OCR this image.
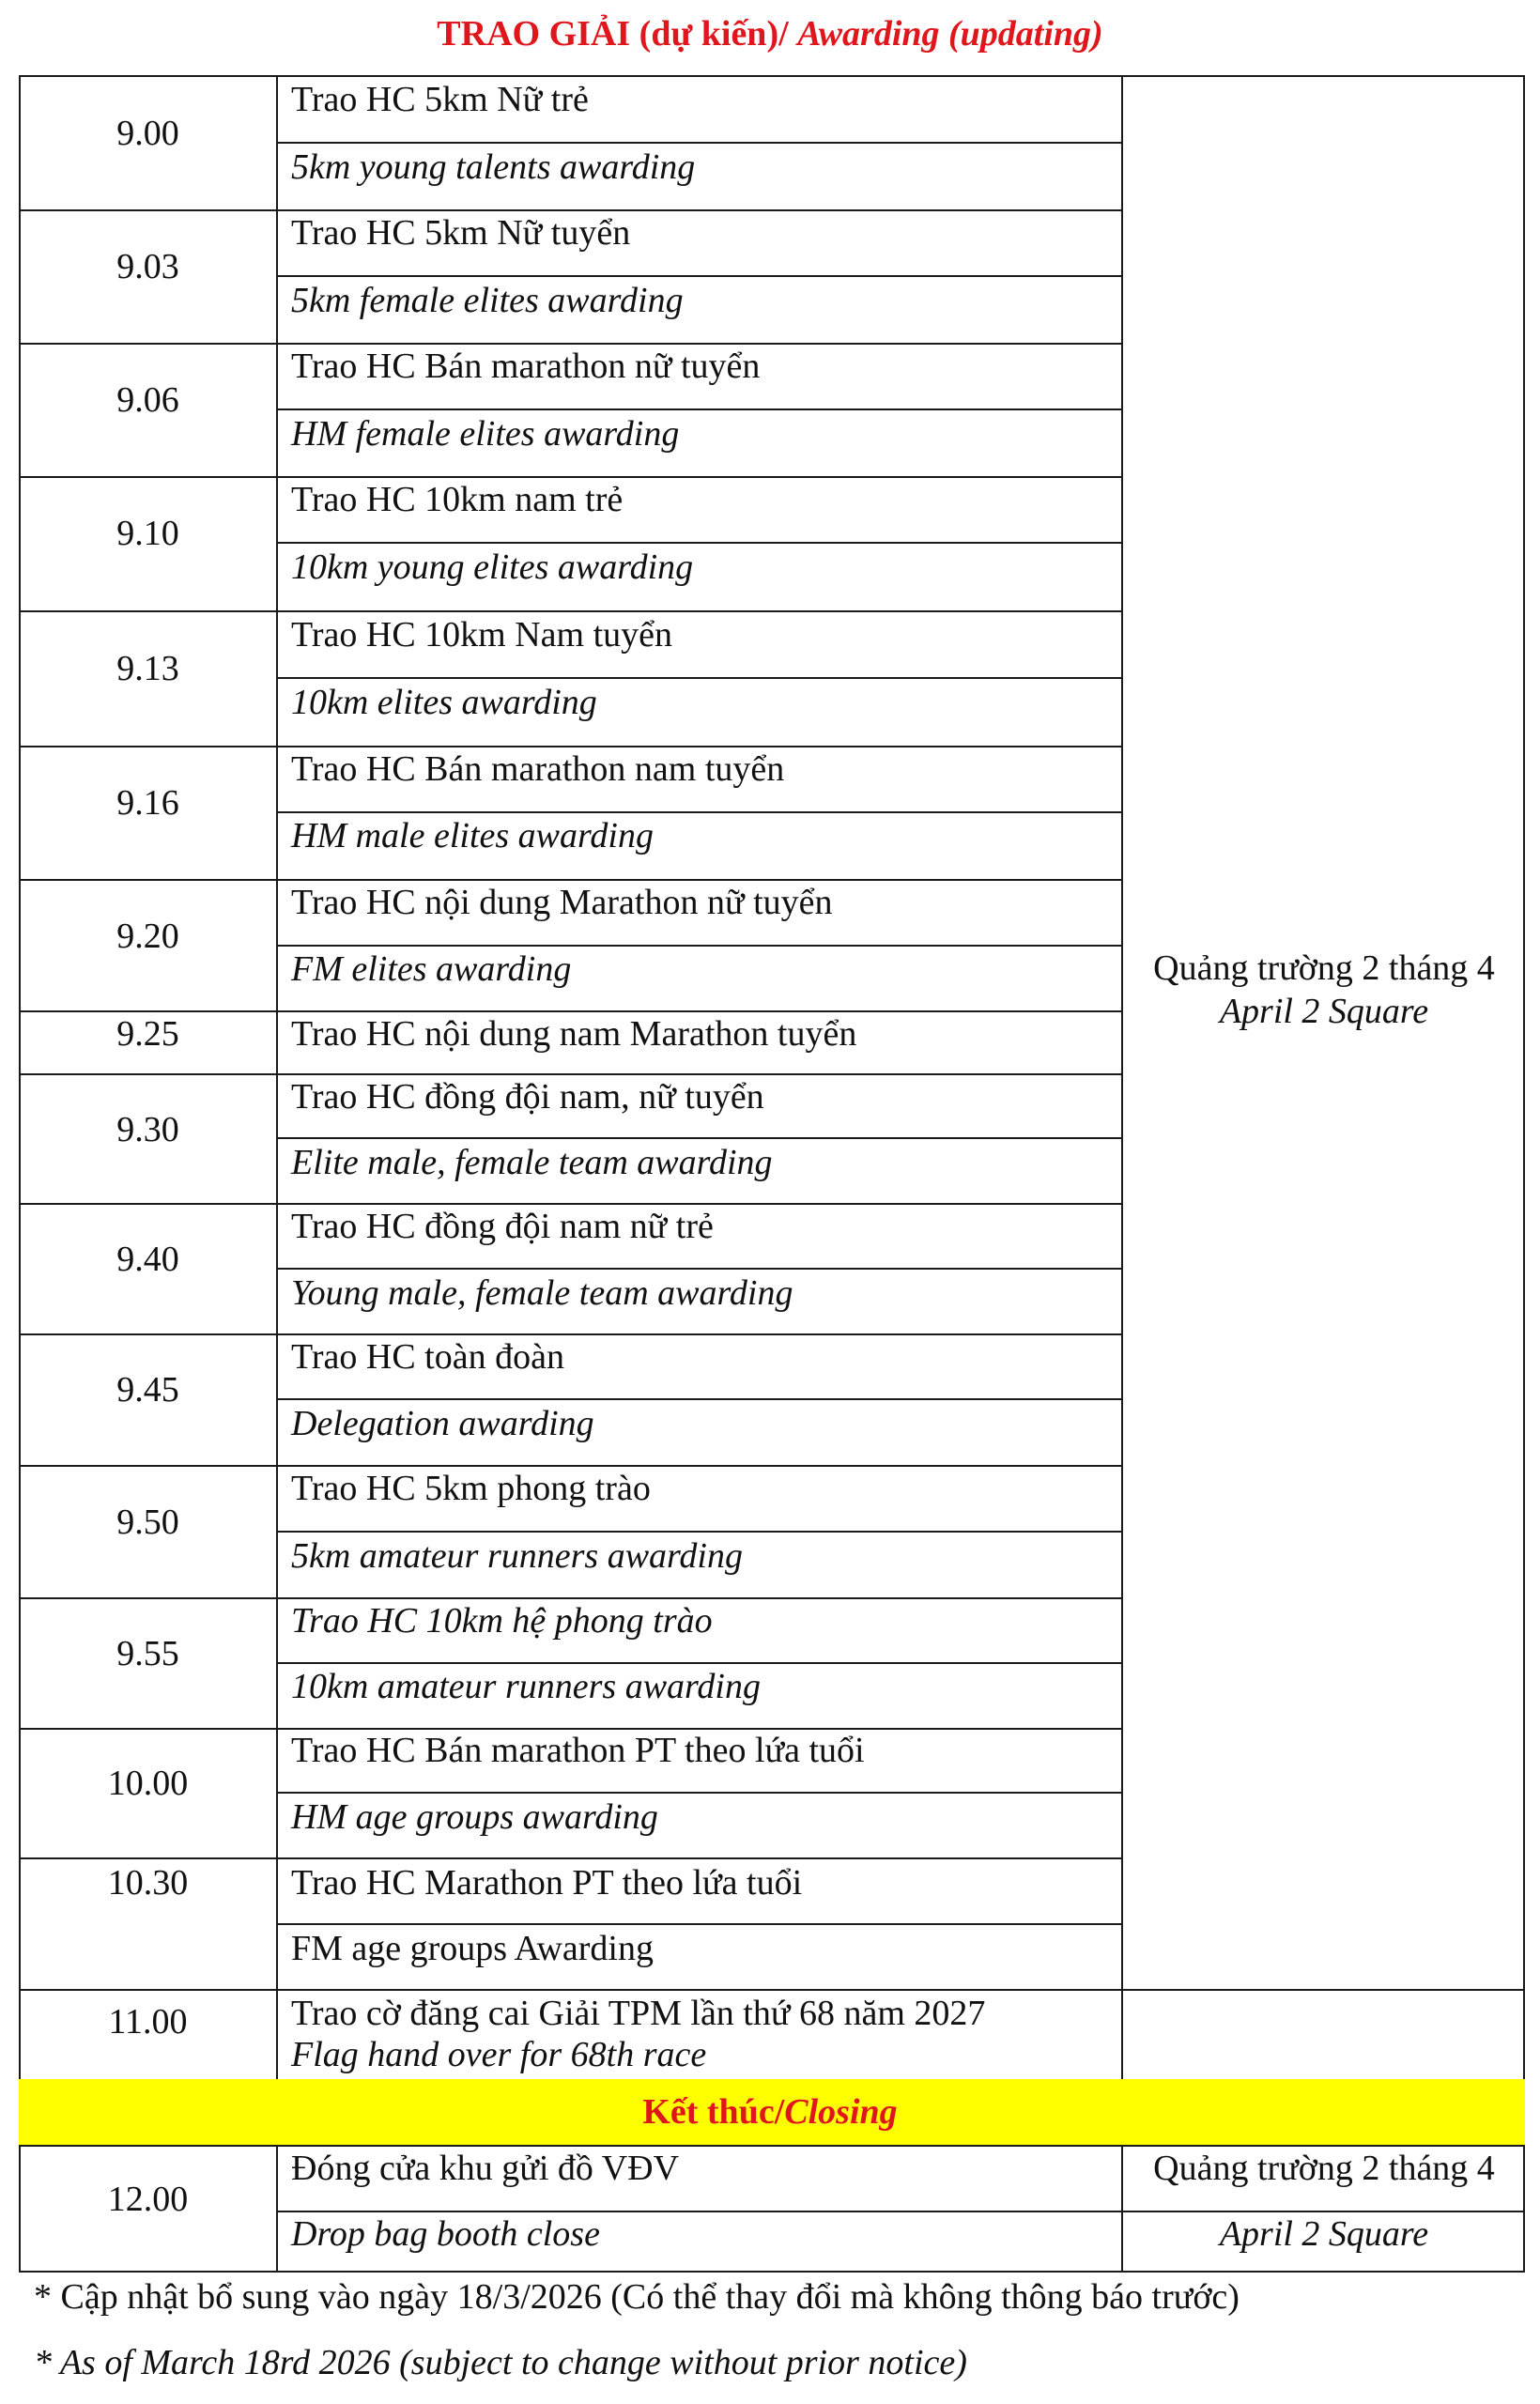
TRAO GIẢI (dự kiến)/ Awarding (updating)
9.00
9.03
9.06
9.10
9.13
9.16
9.20
9.25
9.30
9.40
9.45
9.50
9.55
10.00
10.30
11.00
Trao HC 5km Nữ trẻ
5km young talents awarding
Trao HC 5km Nữ tuyển
5km female elites awarding
Trao HC Bán marathon nữ tuyển
HM female elites awarding
Trao HC 10km nam trẻ
10km young elites awarding
Trao HC 10km Nam tuyển
10km elites awarding
Trao HC Bán marathon nam tuyển
HM male elites awarding
Trao HC nội dung Marathon nữ tuyển
FM elites awarding
Trao HC nội dung nam Marathon tuyển
Trao HC đồng đội nam, nữ tuyển
Elite male, female team awarding
Trao HC đồng đội nam nữ trẻ
Young male, female team awarding
Trao HC toàn đoàn
Delegation awarding
Trao HC 5km phong trào
5km amateur runners awarding
Trao HC 10km hệ phong trào
10km amateur runners awarding
Trao HC Bán marathon PT theo lứa tuổi
HM age groups awarding
Trao HC Marathon PT theo lứa tuổi
FM age groups Awarding
Trao cờ đăng cai Giải TPM lần thứ 68 năm 2027
Flag hand over for 68th race
Quảng trường 2 tháng 4
April 2 Square
Kết thúc/Closing
12.00
Đóng cửa khu gửi đồ VĐV
Drop bag booth close
Quảng trường 2 tháng 4
April 2 Square
* Cập nhật bổ sung vào ngày 18/3/2026 (Có thể thay đổi mà không thông báo trước)
* As of March 18rd 2026 (subject to change without prior notice)
